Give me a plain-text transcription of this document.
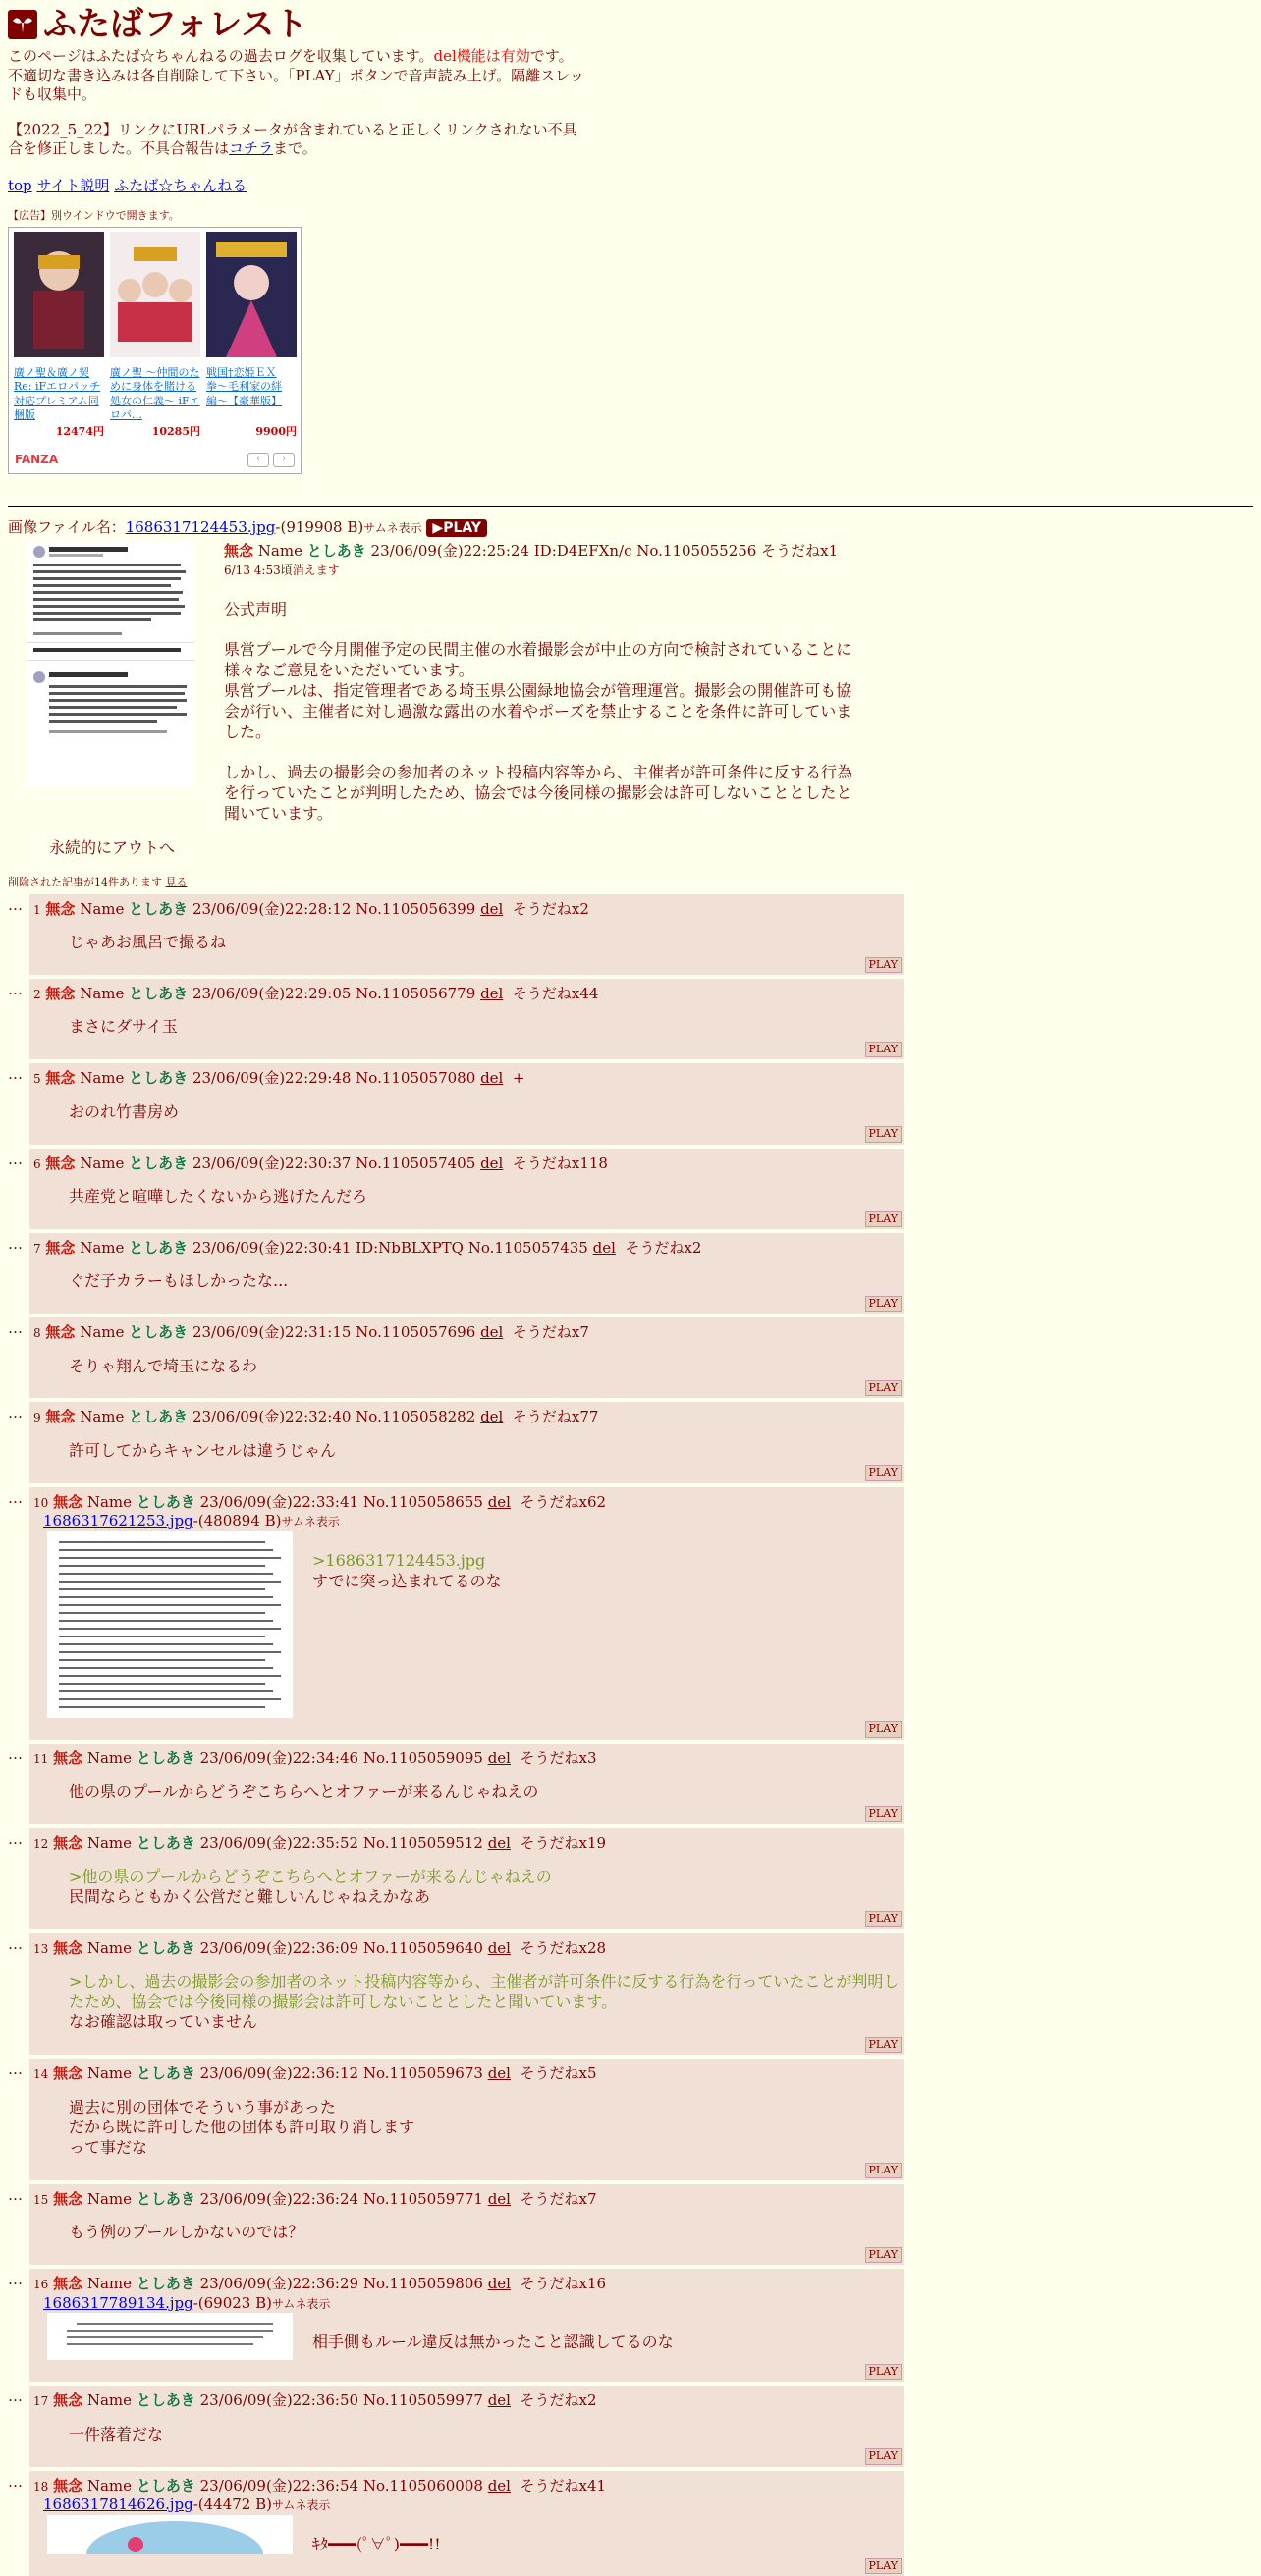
ふたばフォレスト
このページはふたば☆ちゃんねるの過去ログを収集しています。del機能は有効です。不適切な書き込みは各自削除して下さい。「PLAY」ボタンで音声読み上げ。隔離スレッドも収集中。
【2022_5_22】リンクにURLパラメータが含まれていると正しくリンクされない不具合を修正しました。不具合報告はコチラまで。
top サイト説明 ふたば☆ちゃんねる
【広告】別ウインドウで開きます。
廣ノ聖＆廣ノ契 Re: iFエロパッチ対応プレミアム同梱版
12474円
廣ノ聖 〜仲間のために身体を賭ける処女の仁義〜 iFエロパ…
10285円
戦国†恋姫ＥＸ 拳〜毛利家の絆編〜【豪華版】
9900円
FANZA	‹	›
画像ファイル名：1686317124453.jpg-(919908 B)サムネ表示 ▶PLAY
無念 Name としあき 23/06/09(金)22:25:24 ID:D4EFXn/c No.1105055256 そうだねx1 6/13 4:53頃消えます
公式声明

県営プールで今月開催予定の民間主催の水着撮影会が中止の方向で検討されていることに様々なご意見をいただいています。
県営プールは、指定管理者である埼玉県公園緑地協会が管理運営。撮影会の開催許可も協会が行い、主催者に対し過激な露出の水着やポーズを禁止することを条件に許可していました。

しかし、過去の撮影会の参加者のネット投稿内容等から、主催者が許可条件に反する行為を行っていたことが判明したため、協会では今後同様の撮影会は許可しないこととしたと聞いています。
永続的にアウトへ
削除された記事が14件あります 見る
… 1 無念 Name としあき 23/06/09(金)22:28:12 No.1105056399 del そうだねx2
じゃあお風呂で撮るね
PLAY
… 2 無念 Name としあき 23/06/09(金)22:29:05 No.1105056779 del そうだねx44
まさにダサイ玉
PLAY
… 5 無念 Name としあき 23/06/09(金)22:29:48 No.1105057080 del +
おのれ竹書房め
PLAY
… 6 無念 Name としあき 23/06/09(金)22:30:37 No.1105057405 del そうだねx118
共産党と喧嘩したくないから逃げたんだろ
PLAY
… 7 無念 Name としあき 23/06/09(金)22:30:41 ID:NbBLXPTQ No.1105057435 del そうだねx2
ぐだ子カラーもほしかったな...
PLAY
… 8 無念 Name としあき 23/06/09(金)22:31:15 No.1105057696 del そうだねx7
そりゃ翔んで埼玉になるわ
PLAY
… 9 無念 Name としあき 23/06/09(金)22:32:40 No.1105058282 del そうだねx77
許可してからキャンセルは違うじゃん
PLAY
… 10 無念 Name としあき 23/06/09(金)22:33:41 No.1105058655 del そうだねx62
1686317621253.jpg-(480894 B)サムネ表示
>1686317124453.jpg
すでに突っ込まれてるのな
PLAY
… 11 無念 Name としあき 23/06/09(金)22:34:46 No.1105059095 del そうだねx3
他の県のプールからどうぞこちらへとオファーが来るんじゃねえの
PLAY
… 12 無念 Name としあき 23/06/09(金)22:35:52 No.1105059512 del そうだねx19
>他の県のプールからどうぞこちらへとオファーが来るんじゃねえの
民間ならともかく公営だと難しいんじゃねえかなあ
PLAY
… 13 無念 Name としあき 23/06/09(金)22:36:09 No.1105059640 del そうだねx28
>しかし、過去の撮影会の参加者のネット投稿内容等から、主催者が許可条件に反する行為を行っていたことが判明したため、協会では今後同様の撮影会は許可しないこととしたと聞いています。
なお確認は取っていません
PLAY
… 14 無念 Name としあき 23/06/09(金)22:36:12 No.1105059673 del そうだねx5
過去に別の団体でそういう事があった
だから既に許可した他の団体も許可取り消します
って事だな
PLAY
… 15 無念 Name としあき 23/06/09(金)22:36:24 No.1105059771 del そうだねx7
もう例のプールしかないのでは？
PLAY
… 16 無念 Name としあき 23/06/09(金)22:36:29 No.1105059806 del そうだねx16
1686317789134.jpg-(69023 B)サムネ表示
相手側もルール違反は無かったこと認識してるのな
PLAY
… 17 無念 Name としあき 23/06/09(金)22:36:50 No.1105059977 del そうだねx2
一件落着だな
PLAY
… 18 無念 Name としあき 23/06/09(金)22:36:54 No.1105060008 del そうだねx41
1686317814626.jpg-(44472 B)サムネ表示
ｷﾀ━━━(ﾟ∀ﾟ)━━━!!
PLAY
